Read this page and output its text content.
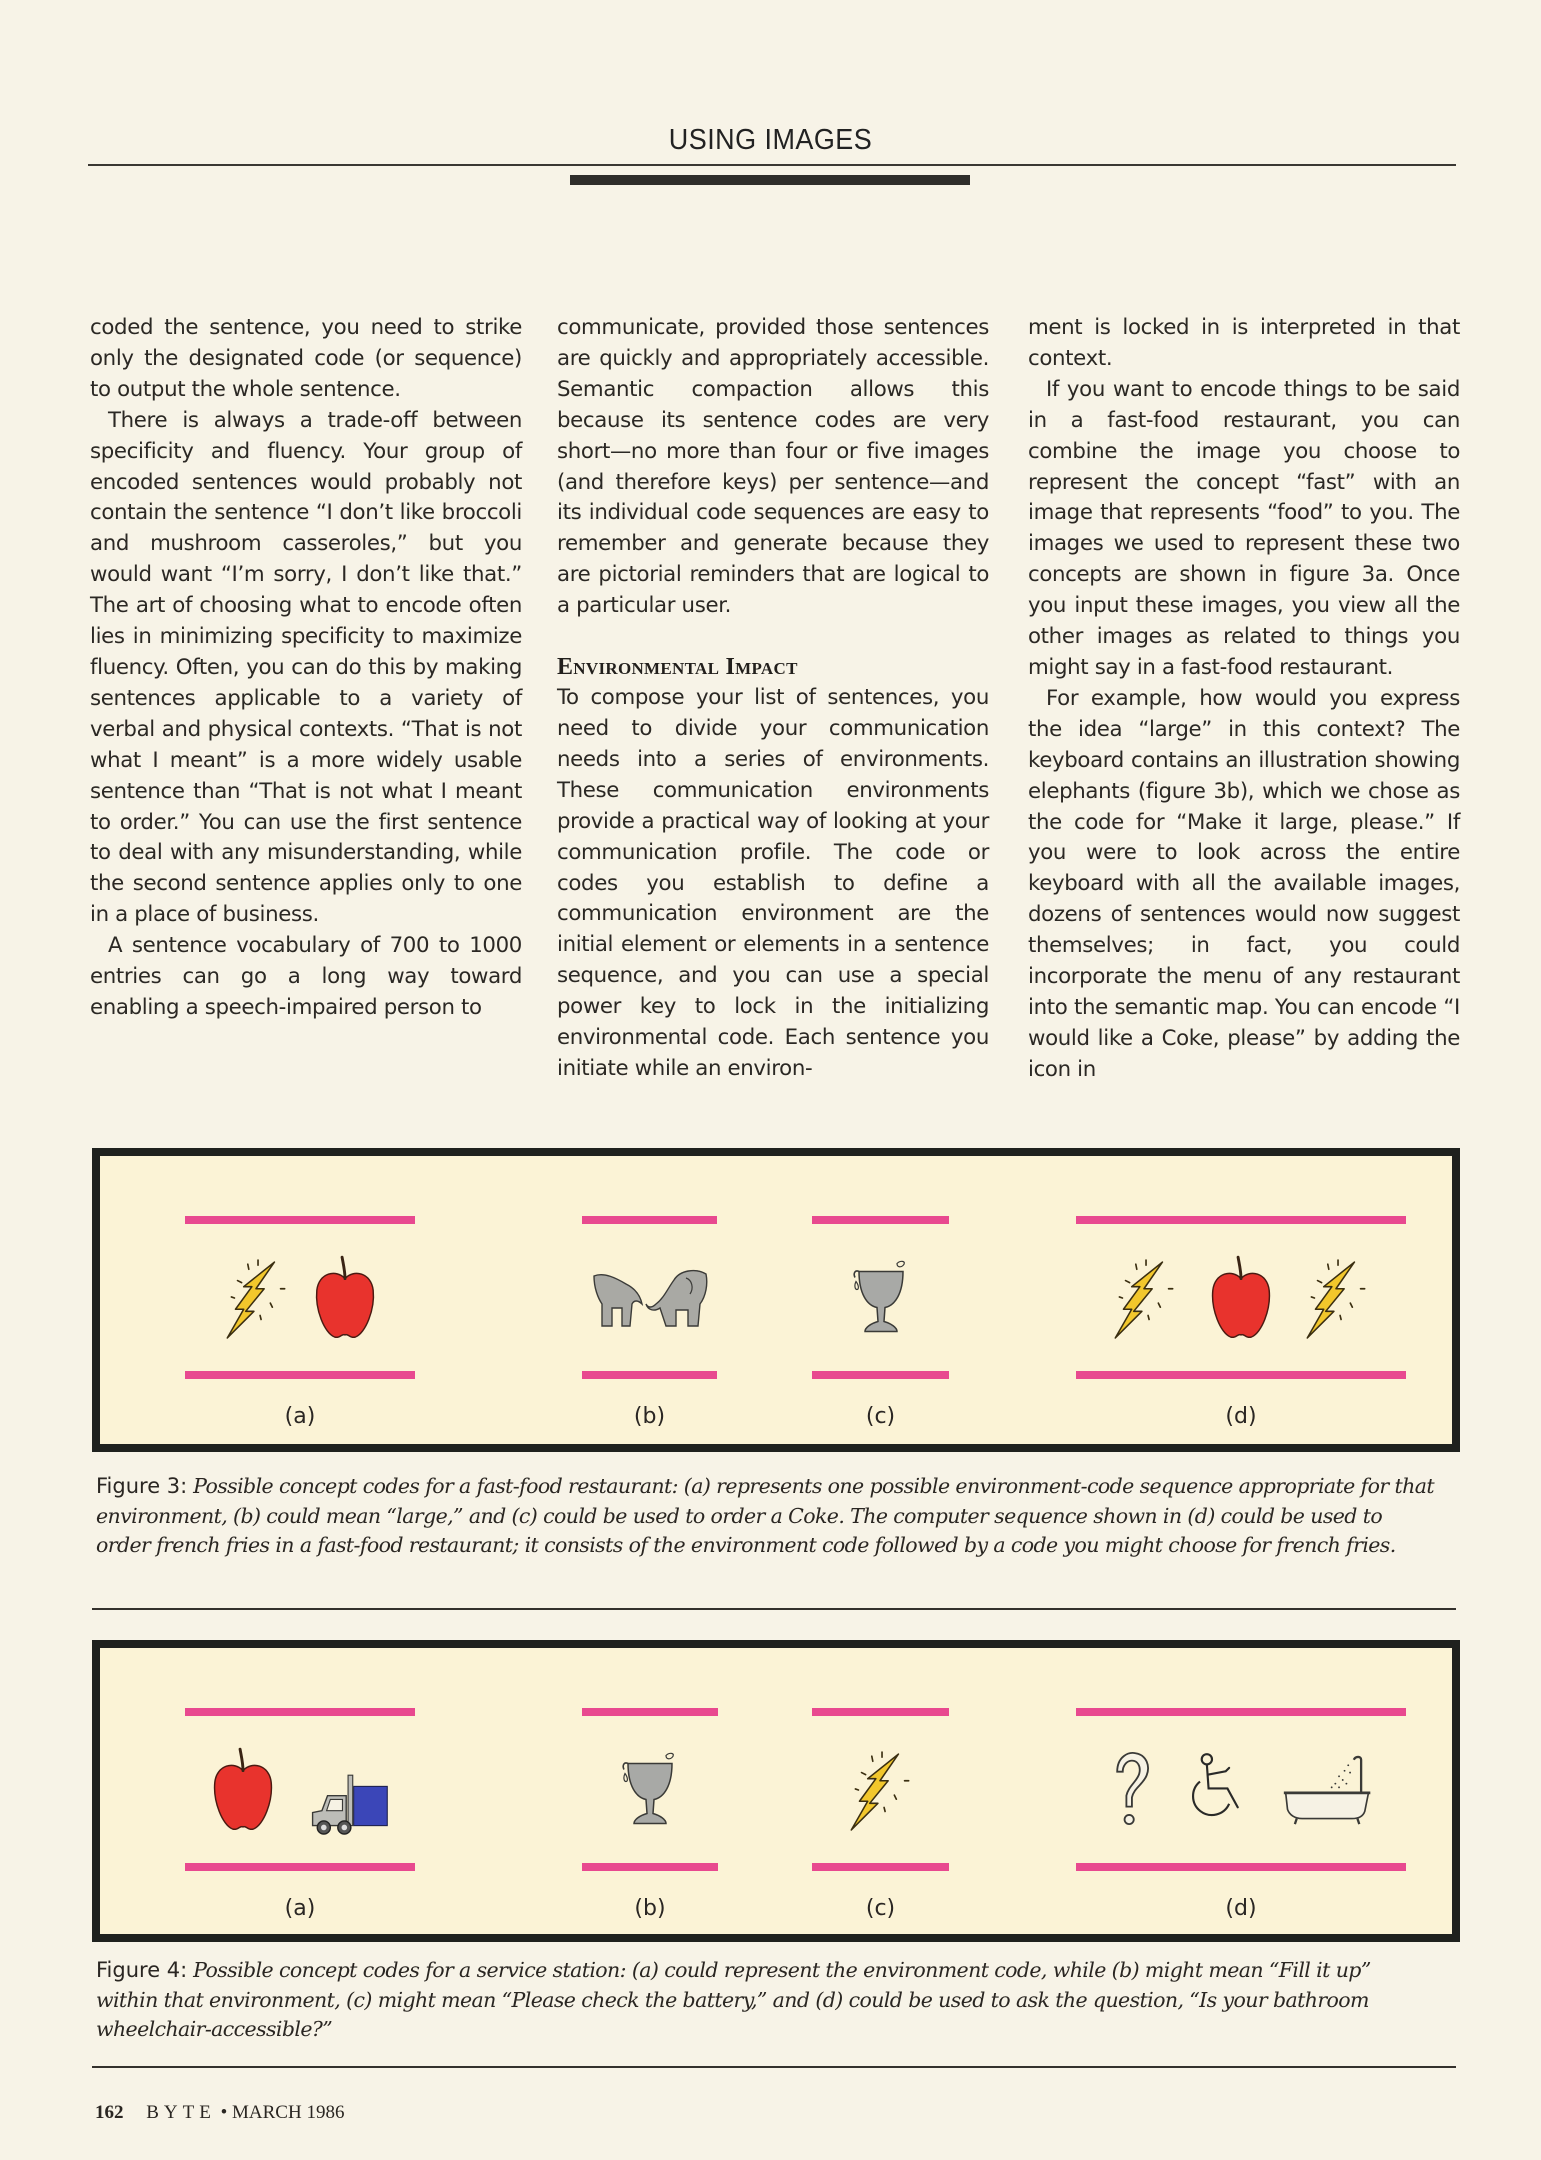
USING IMAGES

coded the sentence, you need to strike only the designated code (or sequence) to output the whole sentence.

There is always a trade-off between specificity and fluency. Your group of encoded sentences would probably not contain the sentence “I don’t like broccoli and mushroom casseroles,” but you would want “I’m sorry, I don’t like that.” The art of choosing what to encode often lies in minimizing specificity to maximize fluency. Often, you can do this by making sentences applicable to a variety of verbal and physical contexts. “That is not what I meant” is a more widely usable sentence than “That is not what I meant to order.” You can use the first sentence to deal with any misunderstanding, while the second sentence applies only to one in a place of business.

A sentence vocabulary of 700 to 1000 entries can go a long way toward enabling a speech-impaired person to

communicate, provided those sentences are quickly and appropriately accessible. Semantic compaction allows this because its sentence codes are very short—no more than four or five images (and therefore keys) per sentence—and its individual code sequences are easy to remember and generate because they are pictorial reminders that are logical to a particular user.

Environmental Impact

To compose your list of sentences, you need to divide your communication needs into a series of environments. These communication environments provide a practical way of looking at your communication profile. The code or codes you establish to define a communication environment are the initial element or elements in a sentence sequence, and you can use a special power key to lock in the initializing environmental code. Each sentence you initiate while an environ-

ment is locked in is interpreted in that context.

If you want to encode things to be said in a fast-food restaurant, you can combine the image you choose to represent the concept “fast” with an image that represents “food” to you. The images we used to represent these two concepts are shown in figure 3a. Once you input these images, you view all the other images as related to things you might say in a fast-food restaurant.

For example, how would you express the idea “large” in this context? The keyboard contains an illustration showing elephants (figure 3b), which we chose as the code for “Make it large, please.” If you were to look across the entire keyboard with all the available images, dozens of sentences would now suggest themselves; in fact, you could incorporate the menu of any restaurant into the semantic map. You can encode “I would like a Coke, please” by adding the icon in

(a)	(b)	(c)	(d)
Figure 3: Possible concept codes for a fast-food restaurant: (a) represents one possible environment-code sequence appropriate for that environment, (b) could mean “large,” and (c) could be used to order a Coke. The computer sequence shown in (d) could be used to order french fries in a fast-food restaurant; it consists of the environment code followed by a code you might choose for french fries.
(a)	(b)	(c)	(d)
Figure 4: Possible concept codes for a service station: (a) could represent the environment code, while (b) might mean “Fill it up” within that environment, (c) might mean “Please check the battery,” and (d) could be used to ask the question, “Is your bathroom wheelchair-accessible?”
162 BYTE • MARCH 1986
